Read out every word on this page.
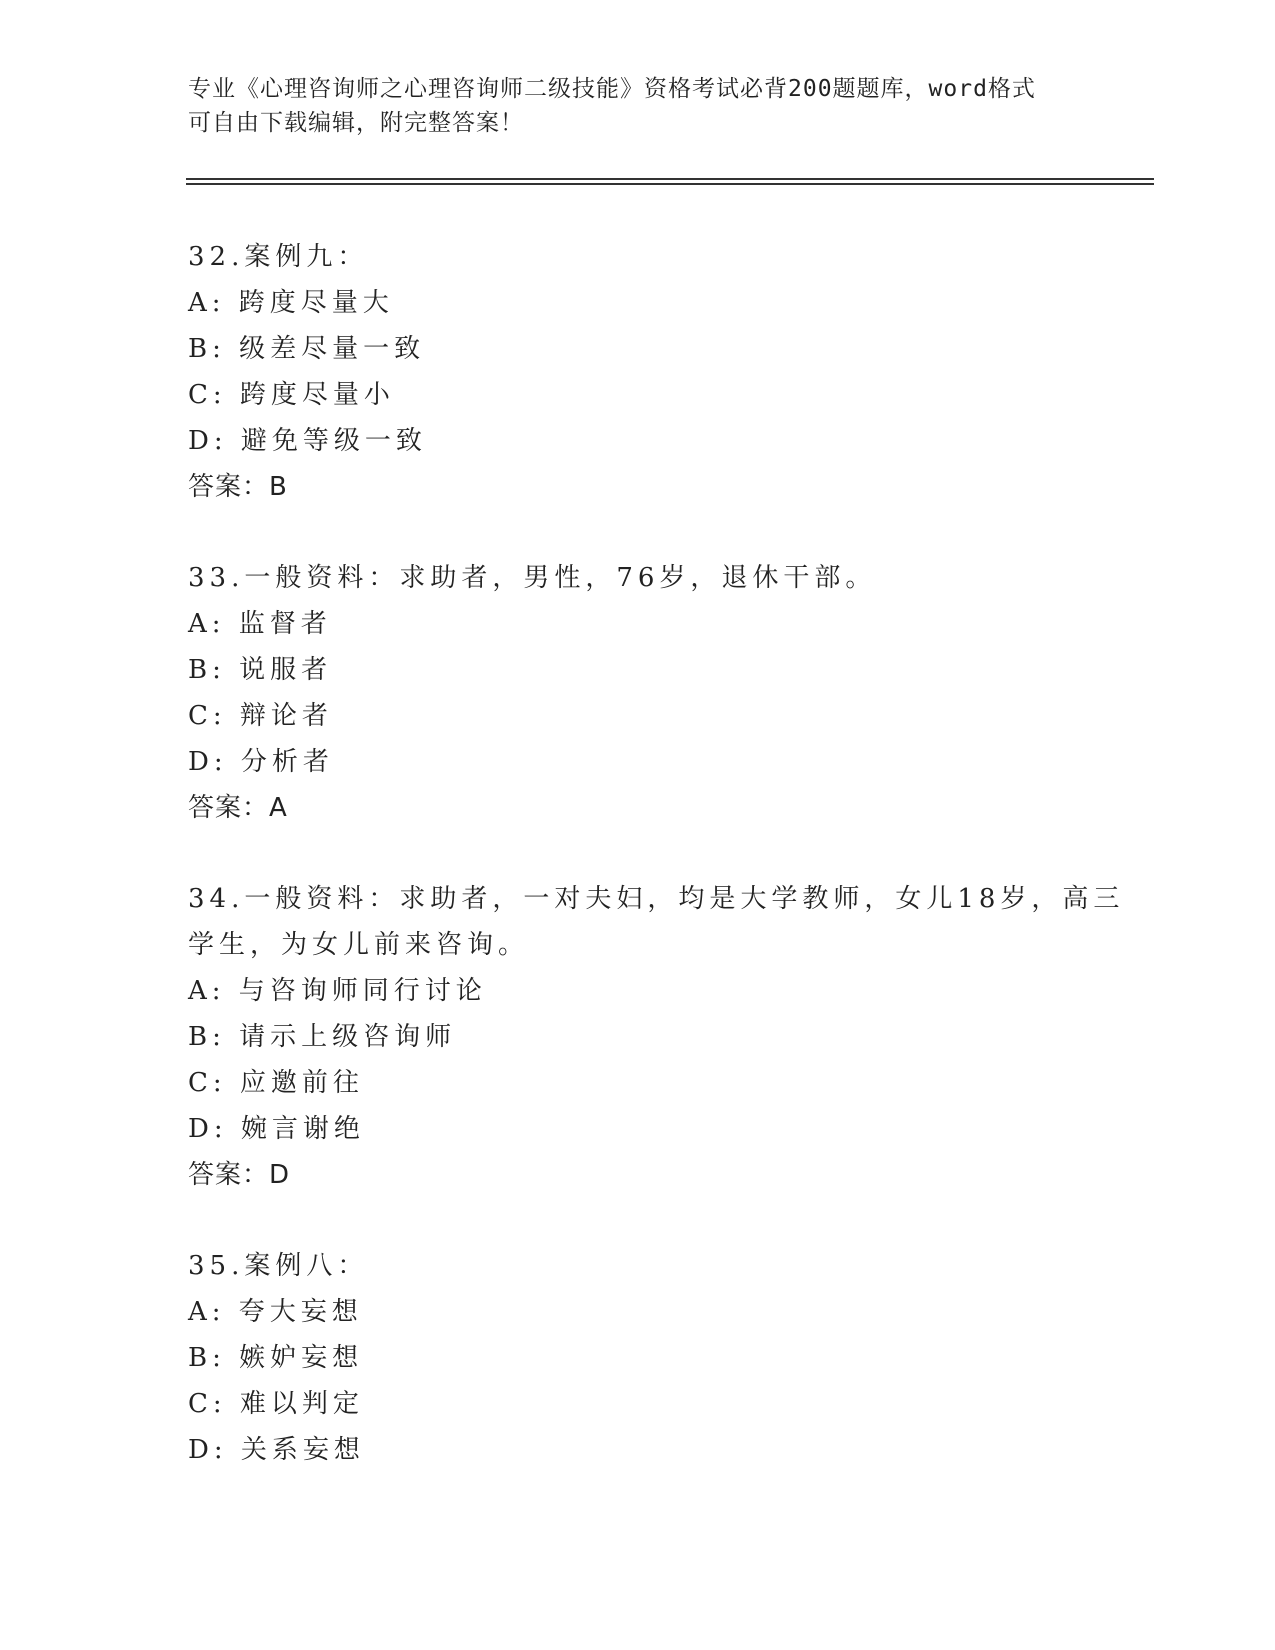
专业《心理咨询师之心理咨询师二级技能》资格考试必背200题题库，word格式
可自由下载编辑，附完整答案！
32.案例九：
A: 跨度尽量大
B: 级差尽量一致
C: 跨度尽量小
D: 避免等级一致
答案：B
33.一般资料：求助者，男性，76岁，退休干部。
A: 监督者
B: 说服者
C: 辩论者
D: 分析者
答案：A
34.一般资料：求助者，一对夫妇，均是大学教师，女儿18岁，高三
学生，为女儿前来咨询。
A: 与咨询师同行讨论
B: 请示上级咨询师
C: 应邀前往
D: 婉言谢绝
答案：D
35.案例八：
A: 夸大妄想
B: 嫉妒妄想
C: 难以判定
D: 关系妄想
